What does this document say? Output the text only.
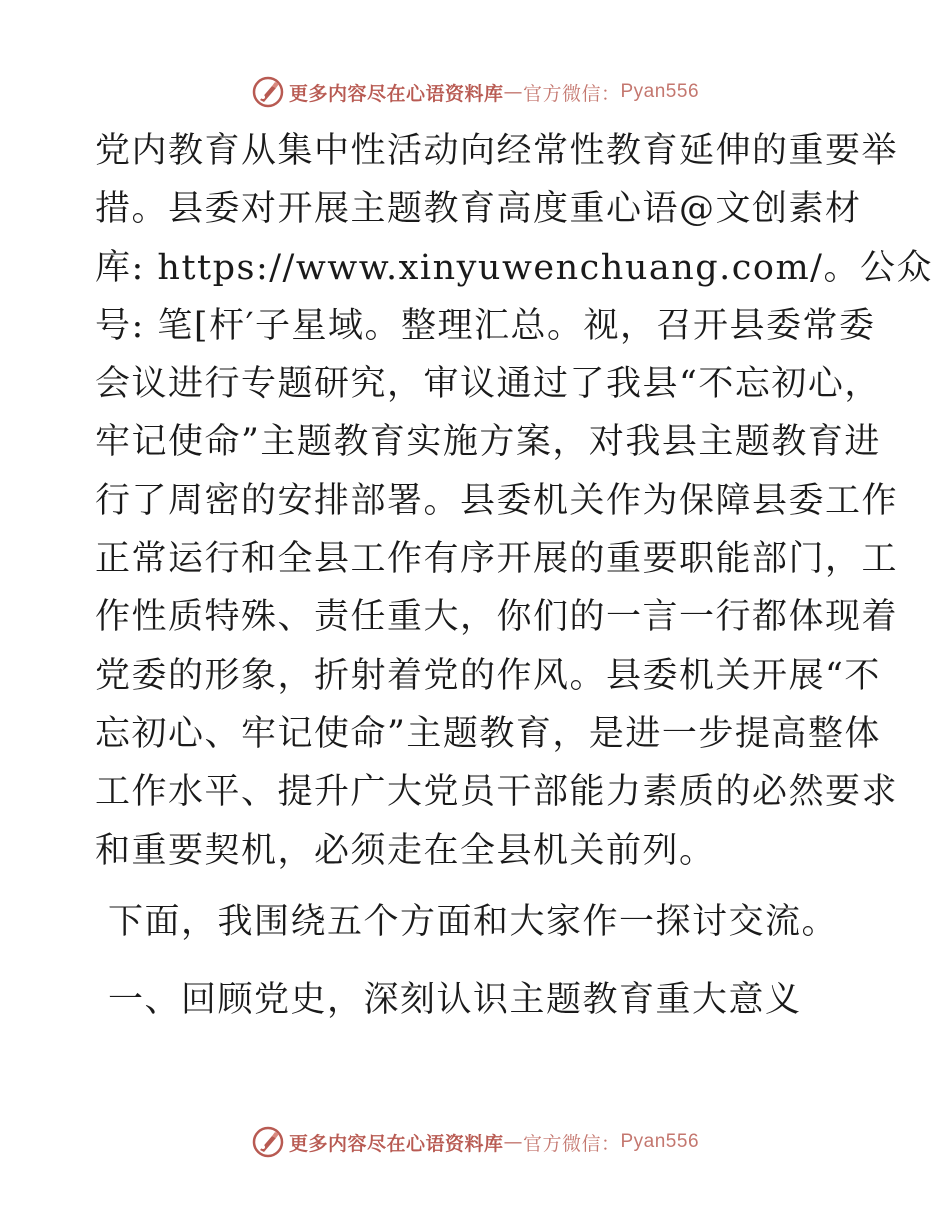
更多内容尽在心语资料库 — 官方微信： Pyan556
党内教育从集中性活动向经常性教育延伸的重要举
措。县委对开展主题教育高度重心语@文创素材
库: https://www.xinyuwenchuang.com/。公众
号: 笔[杆′子星域。整理汇总。视，召开县委常委
会议进行专题研究，审议通过了我县“不忘初心，
牢记使命”主题教育实施方案，对我县主题教育进
行了周密的安排部署。县委机关作为保障县委工作
正常运行和全县工作有序开展的重要职能部门，工
作性质特殊、责任重大，你们的一言一行都体现着
党委的形象，折射着党的作风。县委机关开展“不
忘初心、牢记使命”主题教育，是进一步提高整体
工作水平、提升广大党员干部能力素质的必然要求
和重要契机，必须走在全县机关前列。
下面，我围绕五个方面和大家作一探讨交流。
一、回顾党史，深刻认识主题教育重大意义
更多内容尽在心语资料库 — 官方微信： Pyan556
